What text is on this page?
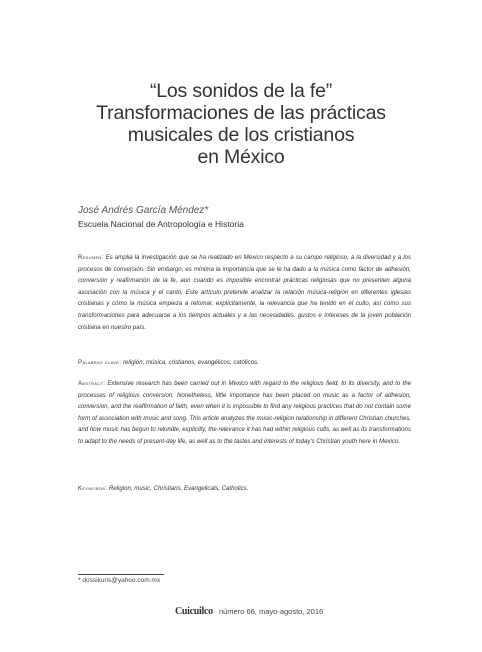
“Los sonidos de la fe”
Transformaciones de las prácticas
musicales de los cristianos
en México
José Andrés García Méndez*
Escuela Nacional de Antropología e Historia
Resumen: Es amplia la investigación que se ha realizado en México respecto a su campo religioso, a la diversidad y a los procesos de conversión. Sin embargo, es mínima la importancia que se le ha dado a la música como factor de adhesión, conversión y reafirmación de la fe, aun cuando es imposible encontrar prácticas religiosas que no presenten alguna asociación con la música y el canto. Este artículo pretende analizar la relación música-religión en diferentes iglesias cristianas y cómo la música empieza a retomar, explícitamente, la relevancia que ha tenido en el culto, así como sus transformaciones para adecuarse a los tiempos actuales y a las necesidades, gustos e intereses de la joven población cristiana en nuestro país.
Palabras clave: religión, música, cristianos, evangélicos, católicos.
Abstract: Extensive research has been carried out in Mexico with regard to the religious field, to its diversity, and to the processes of religious conversion. Nonetheless, little importance has been placed on music as a factor of adhesion, conversion, and the reaffirmation of faith, even when it is impossible to find any religious practices that do not contain some form of association with music and song. This article analyzes the music-religion relationship in different Christian churches, and how music has begun to rekindle, explicitly, the relevance it has had within religious cults, as well as its transformations to adapt to the needs of present-day life, as well as to the tastes and interests of today’s Christian youth here in Mexico.
Keywords: Religion, music, Christians, Evangelicals, Catholics.
* dossikuris@yahoo.com.mx
Cuicuilco número 66, mayo-agosto, 2016
